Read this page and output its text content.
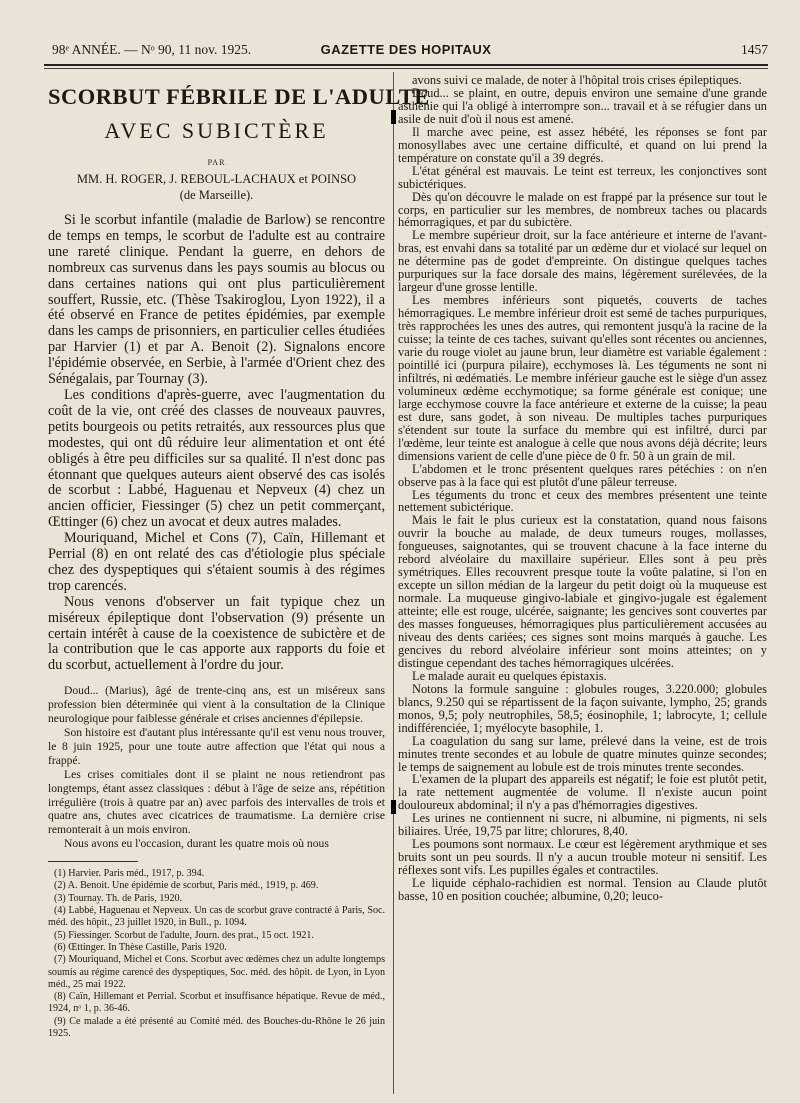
98ᵉ ANNÉE. — Nᵒ 90, 11 nov. 1925.	GAZETTE DES HOPITAUX	1457
SCORBUT FÉBRILE DE L'ADULTE
AVEC SUBICTÈRE
PAR
MM. H. ROGER, J. REBOUL-LACHAUX et POINSO
(de Marseille).

Si le scorbut infantile (maladie de Barlow) se rencontre de temps en temps, le scorbut de l'adulte est au contraire une rareté clinique. Pendant la guerre, en dehors de nombreux cas survenus dans les pays soumis au blocus ou dans certaines nations qui ont plus particulièrement souffert, Russie, etc. (Thèse Tsakiroglou, Lyon 1922), il a été observé en France de petites épidémies, par exemple dans les camps de prisonniers, en particulier celles étudiées par Harvier (1) et par A. Benoit (2). Signalons encore l'épidémie observée, en Serbie, à l'armée d'Orient chez des Sénégalais, par Tournay (3).

Les conditions d'après-guerre, avec l'augmentation du coût de la vie, ont créé des classes de nouveaux pauvres, petits bourgeois ou petits retraités, aux ressources plus que modestes, qui ont dû réduire leur alimentation et ont été obligés à être peu difficiles sur sa qualité. Il n'est donc pas étonnant que quelques auteurs aient observé des cas isolés de scorbut : Labbé, Haguenau et Nepveux (4) chez un ancien officier, Fiessinger (5) chez un petit commerçant, Œttinger (6) chez un avocat et deux autres malades.

Mouriquand, Michel et Cons (7), Caïn, Hillemant et Perrial (8) en ont relaté des cas d'étiologie plus spéciale chez des dyspeptiques qui s'étaient soumis à des régimes trop carencés.

Nous venons d'observer un fait typique chez un miséreux épileptique dont l'observation (9) présente un certain intérêt à cause de la coexistence de subictère et de la contribution que le cas apporte aux rapports du foie et du scorbut, actuellement à l'ordre du jour.

Doud... (Marius), âgé de trente-cinq ans, est un miséreux sans profession bien déterminée qui vient à la consultation de la Clinique neurologique pour faiblesse générale et crises anciennes d'épilepsie.

Son histoire est d'autant plus intéressante qu'il est venu nous trouver, le 8 juin 1925, pour une toute autre affection que l'état qui nous a frappé.

Les crises comitiales dont il se plaint ne nous retiendront pas longtemps, étant assez classiques : début à l'âge de seize ans, répétition irrégulière (trois à quatre par an) avec parfois des intervalles de trois et quatre ans, chutes avec cicatrices de traumatisme. La dernière crise remonterait à un mois environ.

Nous avons eu l'occasion, durant les quatre mois où nous

(1) Harvier. Paris méd., 1917, p. 394.

(2) A. Benoit. Une épidémie de scorbut, Paris méd., 1919, p. 469.

(3) Tournay. Th. de Paris, 1920.

(4) Labbé, Haguenau et Nepveux. Un cas de scorbut grave contracté à Paris, Soc. méd. des hôpit., 23 juillet 1920, in Bull., p. 1094.

(5) Fiessinger. Scorbut de l'adulte, Journ. des prat., 15 oct. 1921.

(6) Œttinger. In Thèse Castille, Paris 1920.

(7) Mouriquand, Michel et Cons. Scorbut avec œdèmes chez un adulte longtemps soumis au régime carencé des dyspeptiques, Soc. méd. des hôpit. de Lyon, in Lyon méd., 25 mai 1922.

(8) Caïn, Hillemant et Perrial. Scorbut et insuffisance hépatique. Revue de méd., 1924, nᵒ 1, p. 36-46.

(9) Ce malade a été présenté au Comité méd. des Bouches-du-Rhône le 26 juin 1925.

avons suivi ce malade, de noter à l'hôpital trois crises épileptiques.

Doud... se plaint, en outre, depuis environ une semaine d'une grande asthénie qui l'a obligé à interrompre son... travail et à se réfugier dans un asile de nuit d'où il nous est amené.

Il marche avec peine, est assez hébété, les réponses se font par monosyllabes avec une certaine difficulté, et quand on lui prend la température on constate qu'il a 39 degrés.

L'état général est mauvais. Le teint est terreux, les conjonctives sont subictériques.

Dès qu'on découvre le malade on est frappé par la présence sur tout le corps, en particulier sur les membres, de nombreux taches ou placards hémorragiques, et par du subictère.

Le membre supérieur droit, sur la face antérieure et interne de l'avant-bras, est envahi dans sa totalité par un œdème dur et violacé sur lequel on ne détermine pas de godet d'empreinte. On distingue quelques taches purpuriques sur la face dorsale des mains, légèrement surélevées, de la largeur d'une grosse lentille.

Les membres inférieurs sont piquetés, couverts de taches hémorragiques. Le membre inférieur droit est semé de taches purpuriques, très rapprochées les unes des autres, qui remontent jusqu'à la racine de la cuisse; la teinte de ces taches, suivant qu'elles sont récentes ou anciennes, varie du rouge violet au jaune brun, leur diamètre est variable également : pointillé ici (purpura pilaire), ecchymoses là. Les téguments ne sont ni infiltrés, ni œdématiés. Le membre inférieur gauche est le siège d'un assez volumineux œdème ecchymotique; sa forme générale est conique; une large ecchymose couvre la face antérieure et externe de la cuisse; la peau est dure, sans godet, à son niveau. De multiples taches purpuriques s'étendent sur toute la surface du membre qui est infiltré, durci par l'œdème, leur teinte est analogue à celle que nous avons déjà décrite; leurs dimensions varient de celle d'une pièce de 0 fr. 50 à un grain de mil.

L'abdomen et le tronc présentent quelques rares pétéchies : on n'en observe pas à la face qui est plutôt d'une pâleur terreuse.

Les téguments du tronc et ceux des membres présentent une teinte nettement subictérique.

Mais le fait le plus curieux est la constatation, quand nous faisons ouvrir la bouche au malade, de deux tumeurs rouges, mollasses, fongueuses, saignotantes, qui se trouvent chacune à la face interne du rebord alvéolaire du maxillaire supérieur. Elles sont à peu près symétriques. Elles recouvrent presque toute la voûte palatine, si l'on en excepte un sillon médian de la largeur du petit doigt où la muqueuse est normale. La muqueuse gingivo-labiale et gingivo-jugale est également atteinte; elle est rouge, ulcérée, saignante; les gencives sont couvertes par des masses fongueuses, hémorragiques plus particulièrement accusées au niveau des dents cariées; ces signes sont moins marqués à gauche. Les gencives du rebord alvéolaire inférieur sont moins atteintes; on y distingue cependant des taches hémorragiques ulcérées.

Le malade aurait eu quelques épistaxis.

Notons la formule sanguine : globules rouges, 3.220.000; globules blancs, 9.250 qui se répartissent de la façon suivante, lympho, 25; grands monos, 9,5; poly neutrophiles, 58,5; éosinophile, 1; labrocyte, 1; cellule indifférenciée, 1; myélocyte basophile, 1.

La coagulation du sang sur lame, prélevé dans la veine, est de trois minutes trente secondes et au lobule de quatre minutes quinze secondes; le temps de saignement au lobule est de trois minutes trente secondes.

L'examen de la plupart des appareils est négatif; le foie est plutôt petit, la rate nettement augmentée de volume. Il n'existe aucun point douloureux abdominal; il n'y a pas d'hémorragies digestives.

Les urines ne contiennent ni sucre, ni albumine, ni pigments, ni sels biliaires. Urée, 19,75 par litre; chlorures, 8,40.

Les poumons sont normaux. Le cœur est légèrement arythmique et ses bruits sont un peu sourds. Il n'y a aucun trouble moteur ni sensitif. Les réflexes sont vifs. Les pupilles égales et contractiles.

Le liquide céphalo-rachidien est normal. Tension au Claude plutôt basse, 10 en position couchée; albumine, 0,20; leuco-
